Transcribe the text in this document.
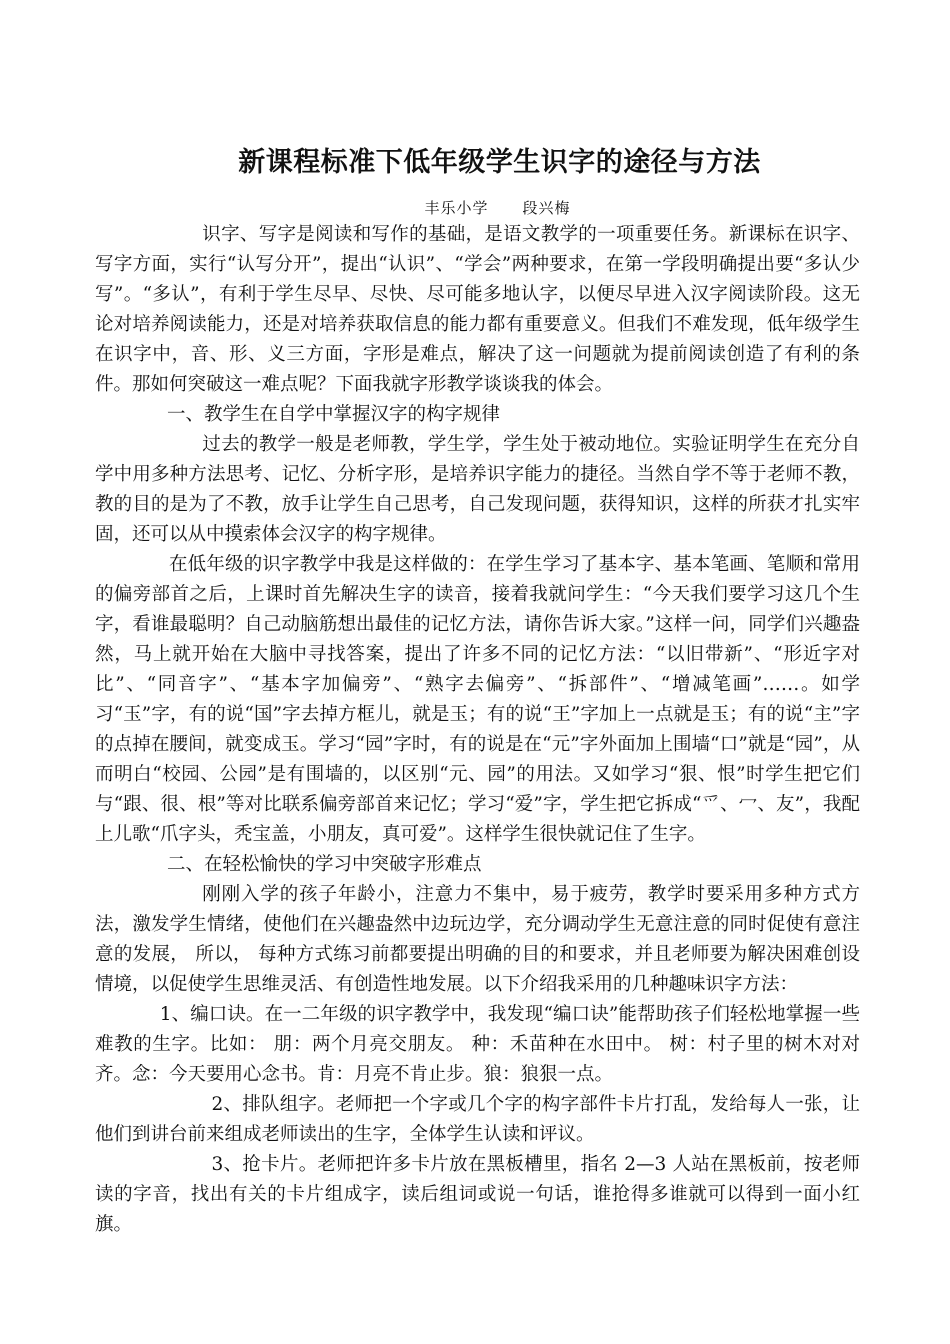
新课程标准下低年级学生识字的途径与方法

丰乐小学 段兴梅

识字、写字是阅读和写作的基础，是语文教学的一项重要任务。新课标在识字、写字方面，实行“认写分开”，提出“认识”、“学会”两种要求，在第一学段明确提出要“多认少写”。“多认”，有利于学生尽早、尽快、尽可能多地认字，以便尽早进入汉字阅读阶段。这无论对培养阅读能力，还是对培养获取信息的能力都有重要意义。但我们不难发现，低年级学生在识字中，音、形、义三方面，字形是难点，解决了这一问题就为提前阅读创造了有利的条件。那如何突破这一难点呢？下面我就字形教学谈谈我的体会。

一、教学生在自学中掌握汉字的构字规律

过去的教学一般是老师教，学生学，学生处于被动地位。实验证明学生在充分自学中用多种方法思考、记忆、分析字形，是培养识字能力的捷径。当然自学不等于老师不教，教的目的是为了不教，放手让学生自己思考，自己发现问题，获得知识，这样的所获才扎实牢固，还可以从中摸索体会汉字的构字规律。

在低年级的识字教学中我是这样做的：在学生学习了基本字、基本笔画、笔顺和常用的偏旁部首之后，上课时首先解决生字的读音，接着我就问学生：“今天我们要学习这几个生字，看谁最聪明？自己动脑筋想出最佳的记忆方法，请你告诉大家。”这样一问，同学们兴趣盎然，马上就开始在大脑中寻找答案，提出了许多不同的记忆方法：“以旧带新”、“形近字对比”、“同音字”、“基本字加偏旁”、“熟字去偏旁”、“拆部件”、“增减笔画”……。如学习“玉”字，有的说“国”字去掉方框儿，就是玉；有的说“王”字加上一点就是玉；有的说“主”字的点掉在腰间，就变成玉。学习“园”字时，有的说是在“元”字外面加上围墙“口”就是“园”，从而明白“校园、公园”是有围墙的，以区别“元、园”的用法。又如学习“狠、恨”时学生把它们与“跟、很、根”等对比联系偏旁部首来记忆；学习“爱”字，学生把它拆成“爫、冖、友”，我配上儿歌“爪字头，秃宝盖，小朋友，真可爱”。这样学生很快就记住了生字。

二、在轻松愉快的学习中突破字形难点

刚刚入学的孩子年龄小，注意力不集中，易于疲劳，教学时要采用多种方式方法，激发学生情绪，使他们在兴趣盎然中边玩边学，充分调动学生无意注意的同时促使有意注意的发展， 所以， 每种方式练习前都要提出明确的目的和要求，并且老师要为解决困难创设情境，以促使学生思维灵活、有创造性地发展。以下介绍我采用的几种趣味识字方法：

1、编口诀。在一二年级的识字教学中，我发现“编口诀”能帮助孩子们轻松地掌握一些难教的生字。比如： 朋：两个月亮交朋友。 种：禾苗种在水田中。 树：村子里的树木对对齐。念：今天要用心念书。肯：月亮不肯止步。狼：狼狠一点。

2、排队组字。老师把一个字或几个字的构字部件卡片打乱，发给每人一张，让他们到讲台前来组成老师读出的生字，全体学生认读和评议。

3、抢卡片。老师把许多卡片放在黑板槽里，指名 2—3 人站在黑板前，按老师读的字音，找出有关的卡片组成字，读后组词或说一句话，谁抢得多谁就可以得到一面小红旗。
